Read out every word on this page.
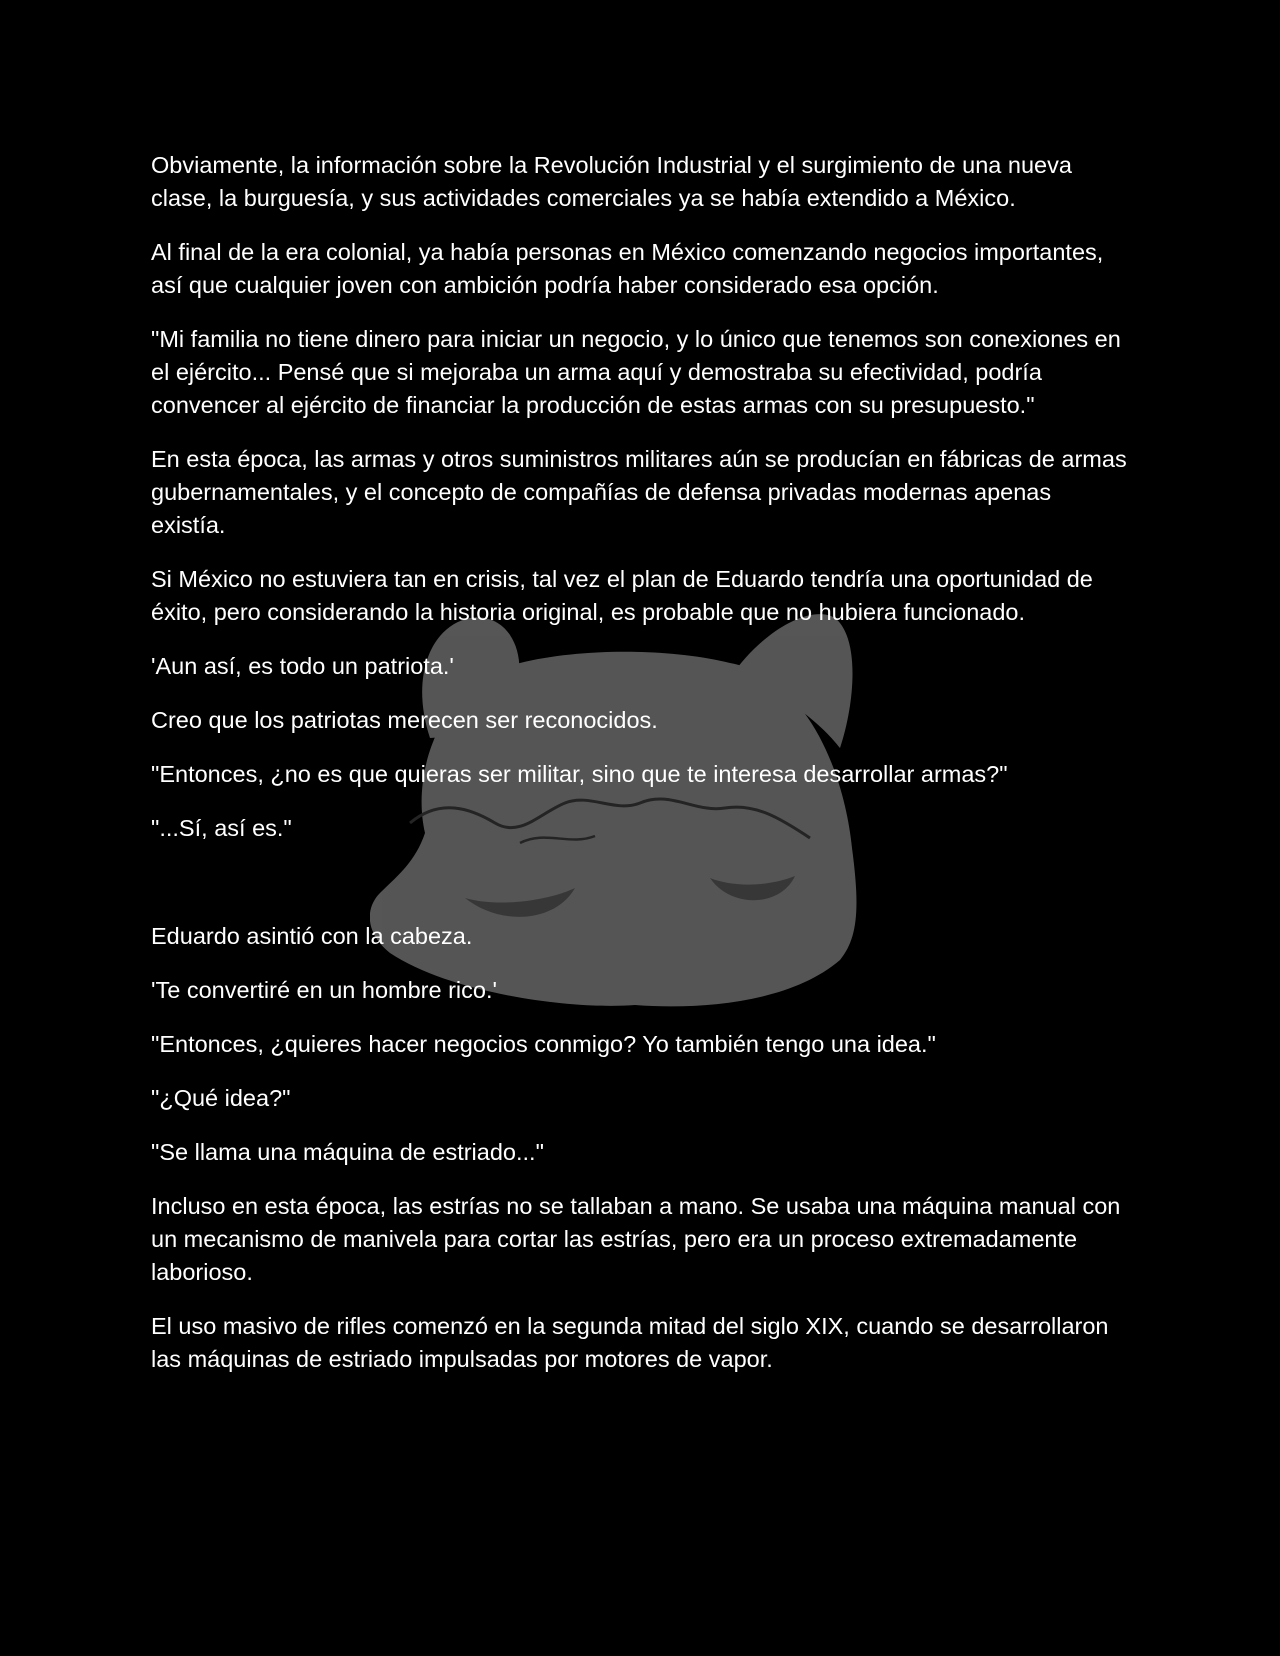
Obviamente, la información sobre la Revolución Industrial y el surgimiento de una nueva clase, la burguesía, y sus actividades comerciales ya se había extendido a México.

Al final de la era colonial, ya había personas en México comenzando negocios importantes, así que cualquier joven con ambición podría haber considerado esa opción.

"Mi familia no tiene dinero para iniciar un negocio, y lo único que tenemos son conexiones en el ejército... Pensé que si mejoraba un arma aquí y demostraba su efectividad, podría convencer al ejército de financiar la producción de estas armas con su presupuesto."

En esta época, las armas y otros suministros militares aún se producían en fábricas de armas gubernamentales, y el concepto de compañías de defensa privadas modernas apenas existía.

Si México no estuviera tan en crisis, tal vez el plan de Eduardo tendría una oportunidad de éxito, pero considerando la historia original, es probable que no hubiera funcionado.

'Aun así, es todo un patriota.'

Creo que los patriotas merecen ser reconocidos.

"Entonces, ¿no es que quieras ser militar, sino que te interesa desarrollar armas?"

"...Sí, así es."

Eduardo asintió con la cabeza.

'Te convertiré en un hombre rico.'

"Entonces, ¿quieres hacer negocios conmigo? Yo también tengo una idea."

"¿Qué idea?"

"Se llama una máquina de estriado..."

Incluso en esta época, las estrías no se tallaban a mano. Se usaba una máquina manual con un mecanismo de manivela para cortar las estrías, pero era un proceso extremadamente laborioso.

El uso masivo de rifles comenzó en la segunda mitad del siglo XIX, cuando se desarrollaron las máquinas de estriado impulsadas por motores de vapor.
